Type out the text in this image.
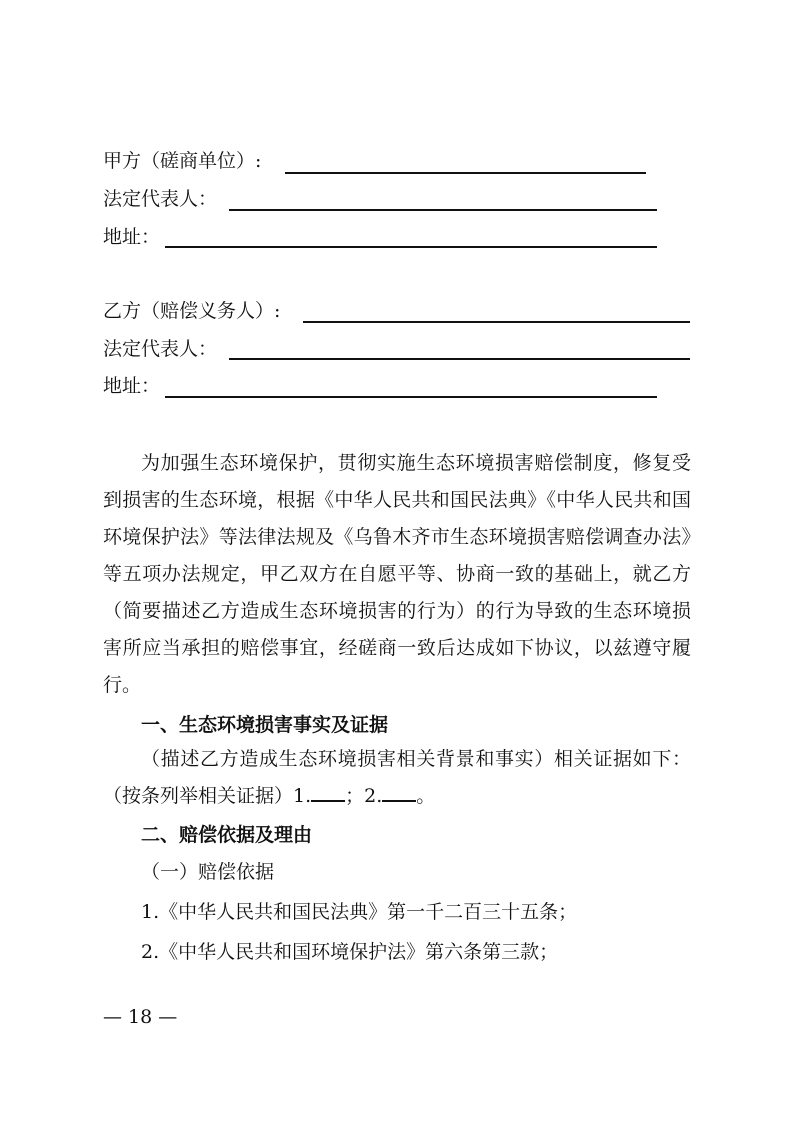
甲方（磋商单位）:
法定代表人：
地址：
乙方（赔偿义务人）:
法定代表人：
地址：

为加强生态环境保护，贯彻实施生态环境损害赔偿制度，修复受到损害的生态环境，根据《中华人民共和国民法典》《中华人民共和国环境保护法》等法律法规及《乌鲁木齐市生态环境损害赔偿调查办法》等五项办法规定，甲乙双方在自愿平等、协商一致的基础上，就乙方（简要描述乙方造成生态环境损害的行为）的行为导致的生态环境损害所应当承担的赔偿事宜，经磋商一致后达成如下协议，以兹遵守履行。

一、生态环境损害事实及证据

（描述乙方造成生态环境损害相关背景和事实）相关证据如下：（按条列举相关证据）1. ；2. 。

二、赔偿依据及理由
（一）赔偿依据
1.《中华人民共和国民法典》第一千二百三十五条；
2.《中华人民共和国环境保护法》第六条第三款；
— 18 —
